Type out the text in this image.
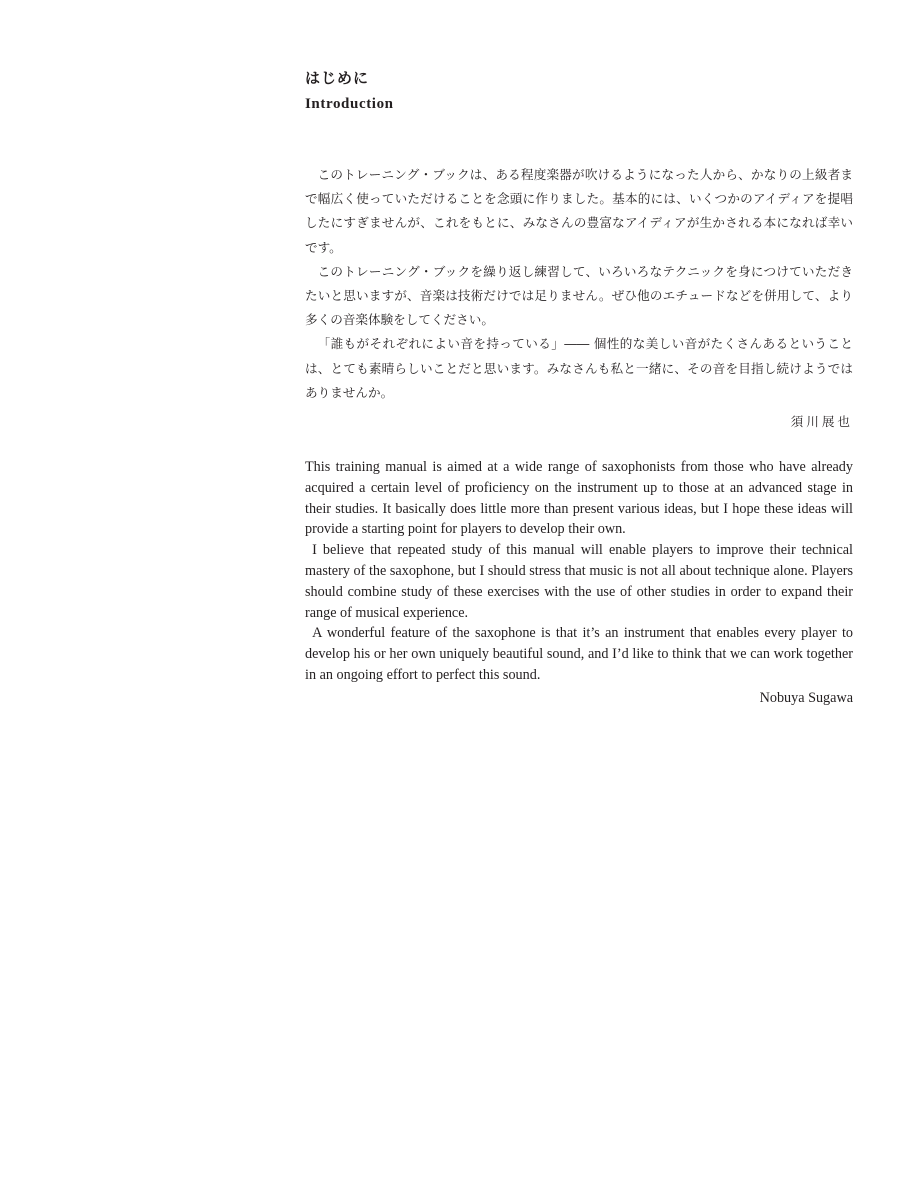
はじめに
Introduction

このトレーニング・ブックは、ある程度楽器が吹けるようになった人から、かなりの上級者まで幅広く使っていただけることを念頭に作りました。基本的には、いくつかのアイディアを提唱したにすぎませんが、これをもとに、みなさんの豊富なアイディアが生かされる本になれば幸いです。

このトレーニング・ブックを繰り返し練習して、いろいろなテクニックを身につけていただきたいと思いますが、音楽は技術だけでは足りません。ぜひ他のエチュードなどを併用して、より多くの音楽体験をしてください。

「誰もがそれぞれによい音を持っている」―― 個性的な美しい音がたくさんあるということは、とても素晴らしいことだと思います。みなさんも私と一緒に、その音を目指し続けようではありませんか。

須川展也

This training manual is aimed at a wide range of saxophonists from those who have already acquired a certain level of proficiency on the instrument up to those at an advanced stage in their studies. It basically does little more than present various ideas, but I hope these ideas will provide a starting point for players to develop their own.

I believe that repeated study of this manual will enable players to improve their technical mastery of the saxophone, but I should stress that music is not all about technique alone. Players should combine study of these exercises with the use of other studies in order to expand their range of musical experience.

A wonderful feature of the saxophone is that it’s an instrument that enables every player to develop his or her own uniquely beautiful sound, and I’d like to think that we can work together in an ongoing effort to perfect this sound.

Nobuya Sugawa
